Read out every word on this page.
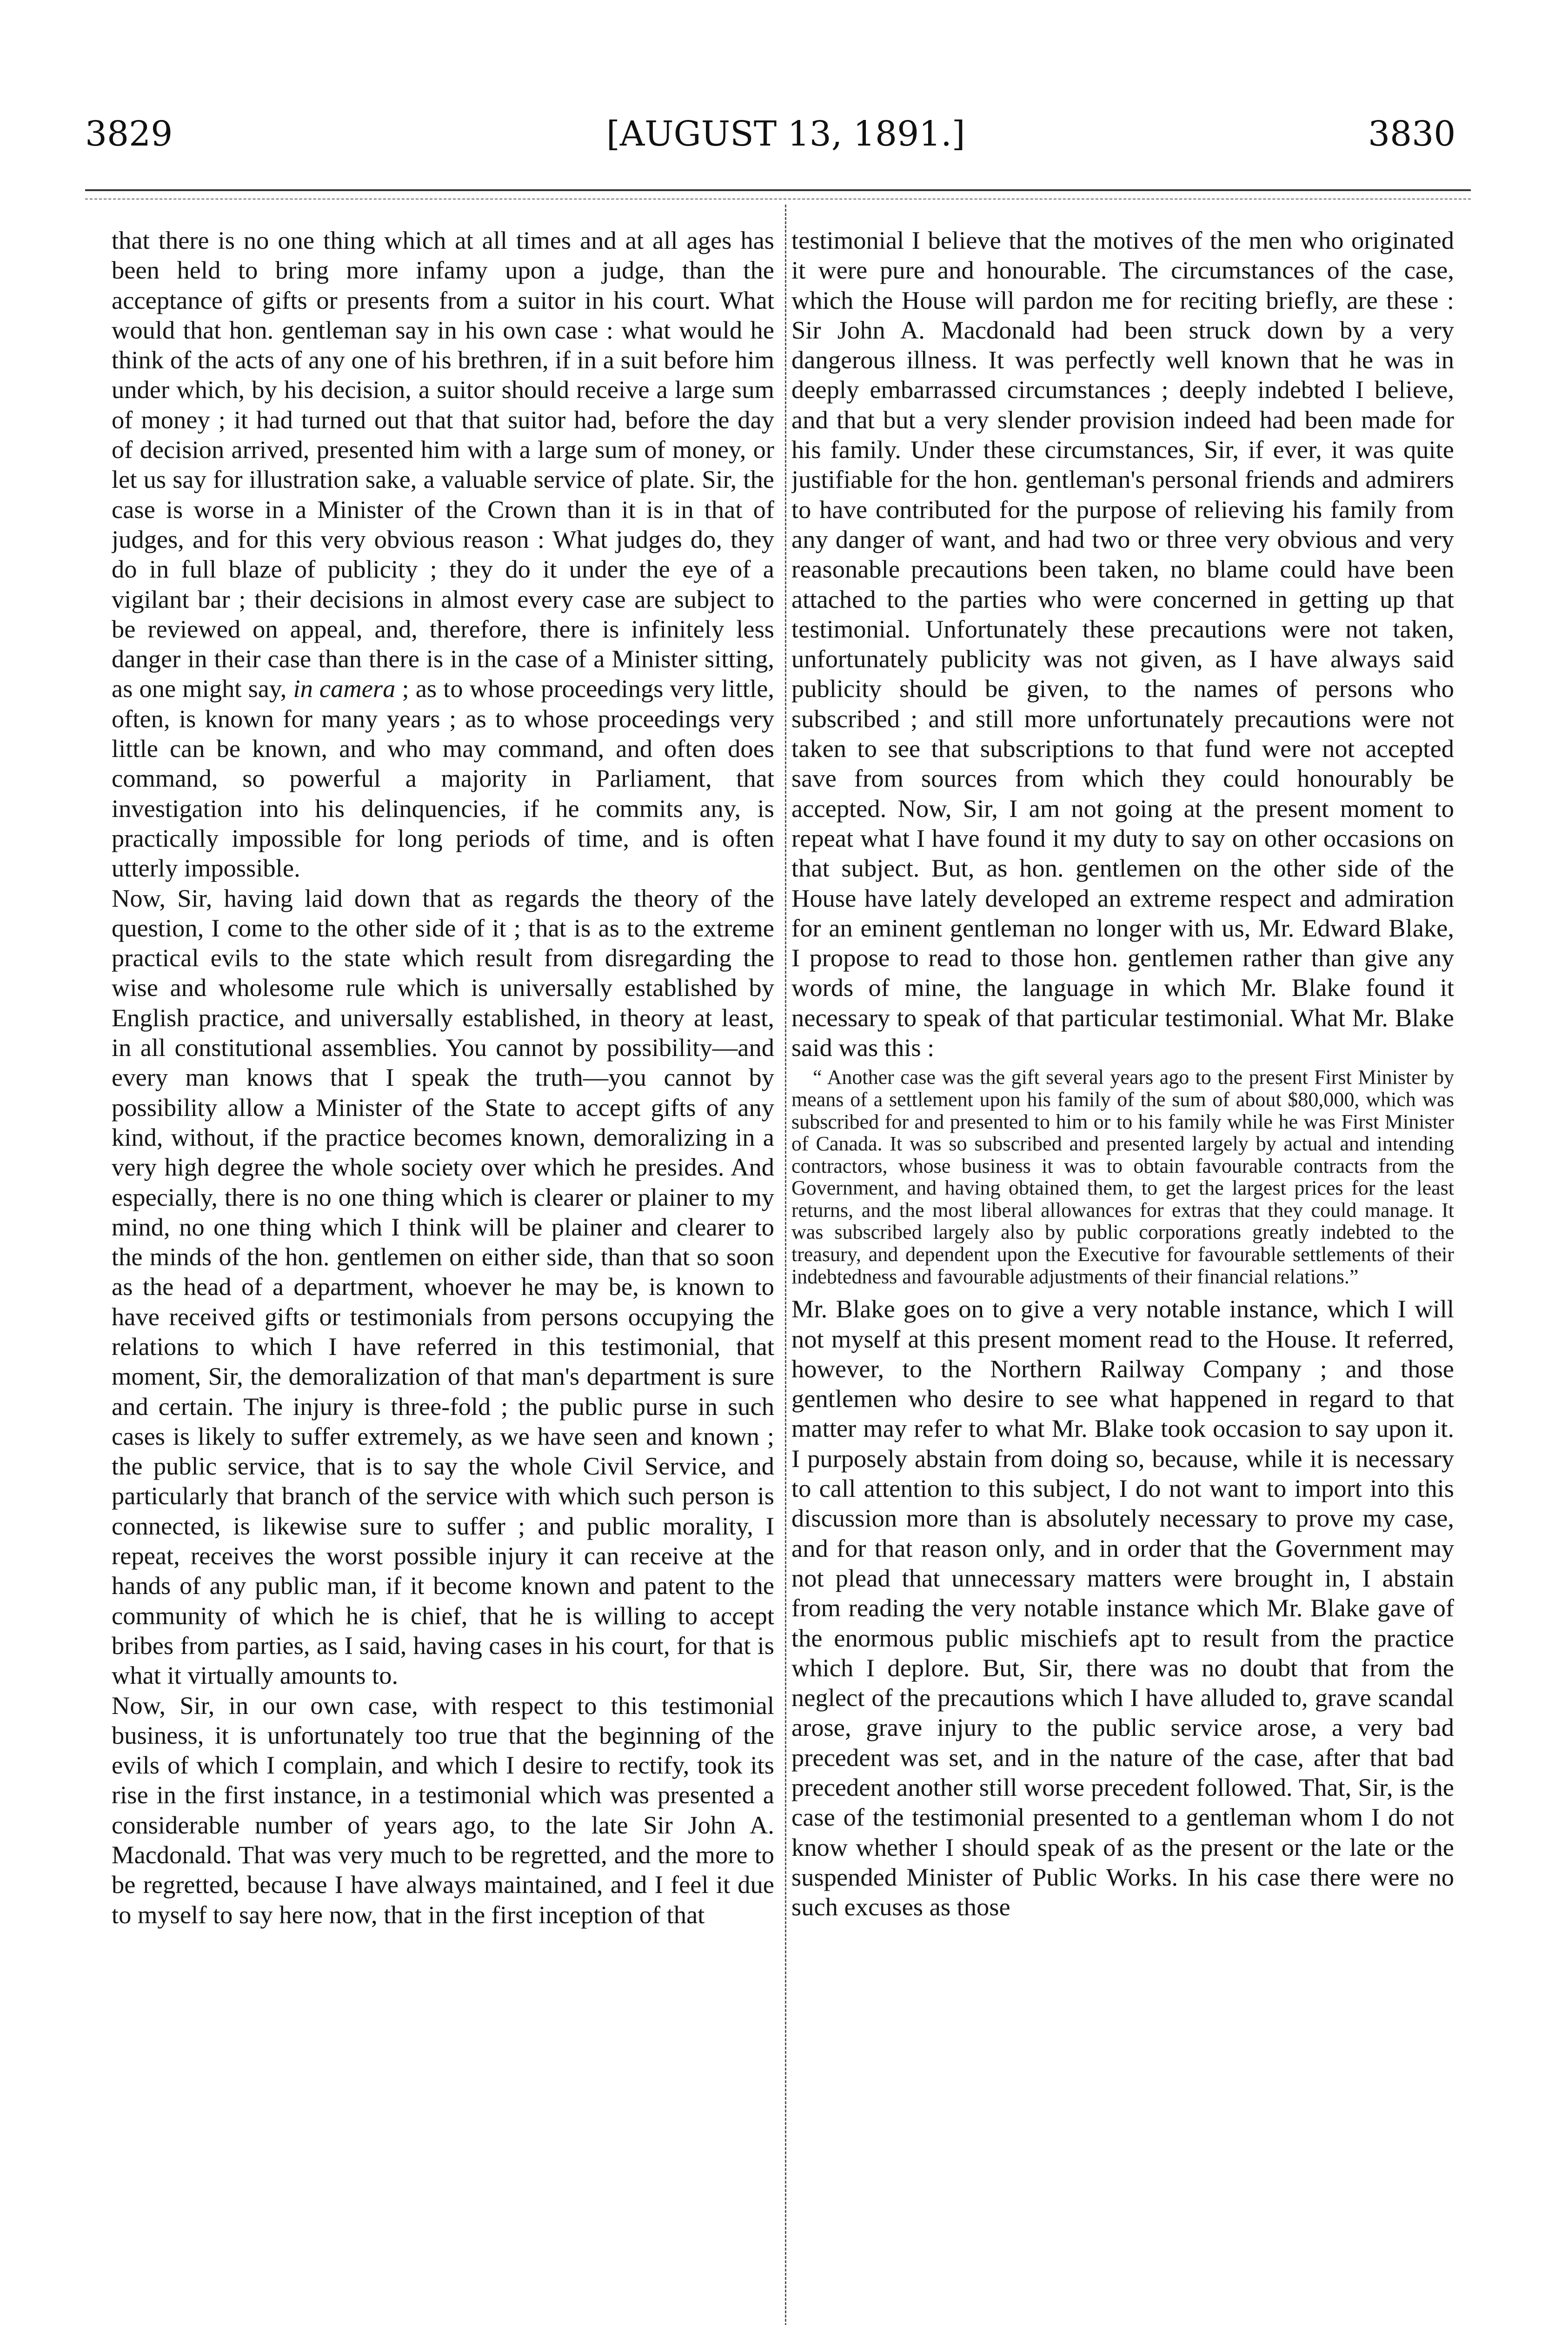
3829	[AUGUST 13, 1891.]	3830

that there is no one thing which at all times and at all ages has been held to bring more infamy upon a judge, than the acceptance of gifts or presents from a suitor in his court. What would that hon. gentleman say in his own case : what would he think of the acts of any one of his brethren, if in a suit before him under which, by his decision, a suitor should receive a large sum of money ; it had turned out that that suitor had, before the day of decision arrived, presented him with a large sum of money, or let us say for illustration sake, a valuable service of plate. Sir, the case is worse in a Minister of the Crown than it is in that of judges, and for this very obvious reason : What judges do, they do in full blaze of publicity ; they do it under the eye of a vigilant bar ; their decisions in almost every case are subject to be reviewed on appeal, and, therefore, there is infinitely less danger in their case than there is in the case of a Minister sitting, as one might say, in camera ; as to whose proceedings very little, often, is known for many years ; as to whose proceedings very little can be known, and who may command, and often does command, so powerful a majority in Parliament, that investigation into his delinquencies, if he commits any, is practically impossible for long periods of time, and is often utterly impossible.

Now, Sir, having laid down that as regards the theory of the question, I come to the other side of it ; that is as to the extreme practical evils to the state which result from disregarding the wise and wholesome rule which is universally established by English practice, and universally established, in theory at least, in all constitutional assemblies. You cannot by possibility—and every man knows that I speak the truth—you cannot by possibility allow a Minister of the State to accept gifts of any kind, without, if the practice becomes known, demoralizing in a very high degree the whole society over which he presides. And especially, there is no one thing which is clearer or plainer to my mind, no one thing which I think will be plainer and clearer to the minds of the hon. gentlemen on either side, than that so soon as the head of a department, whoever he may be, is known to have received gifts or testimonials from persons occupying the relations to which I have referred in this testimonial, that moment, Sir, the demoralization of that man's department is sure and certain. The injury is three-fold ; the public purse in such cases is likely to suffer extremely, as we have seen and known ; the public service, that is to say the whole Civil Service, and particularly that branch of the service with which such person is connected, is likewise sure to suffer ; and public morality, I repeat, receives the worst possible injury it can receive at the hands of any public man, if it become known and patent to the community of which he is chief, that he is willing to accept bribes from parties, as I said, having cases in his court, for that is what it virtually amounts to.

Now, Sir, in our own case, with respect to this testimonial business, it is unfortunately too true that the beginning of the evils of which I complain, and which I desire to rectify, took its rise in the first instance, in a testimonial which was presented a considerable number of years ago, to the late Sir John A. Macdonald. That was very much to be regretted, and the more to be regretted, because I have always maintained, and I feel it due to myself to say here now, that in the first inception of that

testimonial I believe that the motives of the men who originated it were pure and honourable. The circumstances of the case, which the House will pardon me for reciting briefly, are these : Sir John A. Macdonald had been struck down by a very dangerous illness. It was perfectly well known that he was in deeply embarrassed circumstances ; deeply indebted I believe, and that but a very slender provision indeed had been made for his family. Under these circumstances, Sir, if ever, it was quite justifiable for the hon. gentleman's personal friends and admirers to have contributed for the purpose of relieving his family from any danger of want, and had two or three very obvious and very reasonable precautions been taken, no blame could have been attached to the parties who were concerned in getting up that testimonial. Unfortunately these precautions were not taken, unfortunately publicity was not given, as I have always said publicity should be given, to the names of persons who subscribed ; and still more unfortunately precautions were not taken to see that subscriptions to that fund were not accepted save from sources from which they could honourably be accepted. Now, Sir, I am not going at the present moment to repeat what I have found it my duty to say on other occasions on that subject. But, as hon. gentlemen on the other side of the House have lately developed an extreme respect and admiration for an eminent gentleman no longer with us, Mr. Edward Blake, I propose to read to those hon. gentlemen rather than give any words of mine, the language in which Mr. Blake found it necessary to speak of that particular testimonial. What Mr. Blake said was this :

“ Another case was the gift several years ago to the present First Minister by means of a settlement upon his family of the sum of about $80,000, which was subscribed for and presented to him or to his family while he was First Minister of Canada. It was so subscribed and presented largely by actual and intending contractors, whose business it was to obtain favourable contracts from the Government, and having obtained them, to get the largest prices for the least returns, and the most liberal allowances for extras that they could manage. It was subscribed largely also by public corporations greatly indebted to the treasury, and dependent upon the Executive for favourable settlements of their indebtedness and favourable adjustments of their financial relations.”

Mr. Blake goes on to give a very notable instance, which I will not myself at this present moment read to the House. It referred, however, to the Northern Railway Company ; and those gentlemen who desire to see what happened in regard to that matter may refer to what Mr. Blake took occasion to say upon it. I purposely abstain from doing so, because, while it is necessary to call attention to this subject, I do not want to import into this discussion more than is absolutely necessary to prove my case, and for that reason only, and in order that the Government may not plead that unnecessary matters were brought in, I abstain from reading the very notable instance which Mr. Blake gave of the enormous public mischiefs apt to result from the practice which I deplore. But, Sir, there was no doubt that from the neglect of the precautions which I have alluded to, grave scandal arose, grave injury to the public service arose, a very bad precedent was set, and in the nature of the case, after that bad precedent another still worse precedent followed. That, Sir, is the case of the testimonial presented to a gentleman whom I do not know whether I should speak of as the present or the late or the suspended Minister of Public Works. In his case there were no such excuses as those
